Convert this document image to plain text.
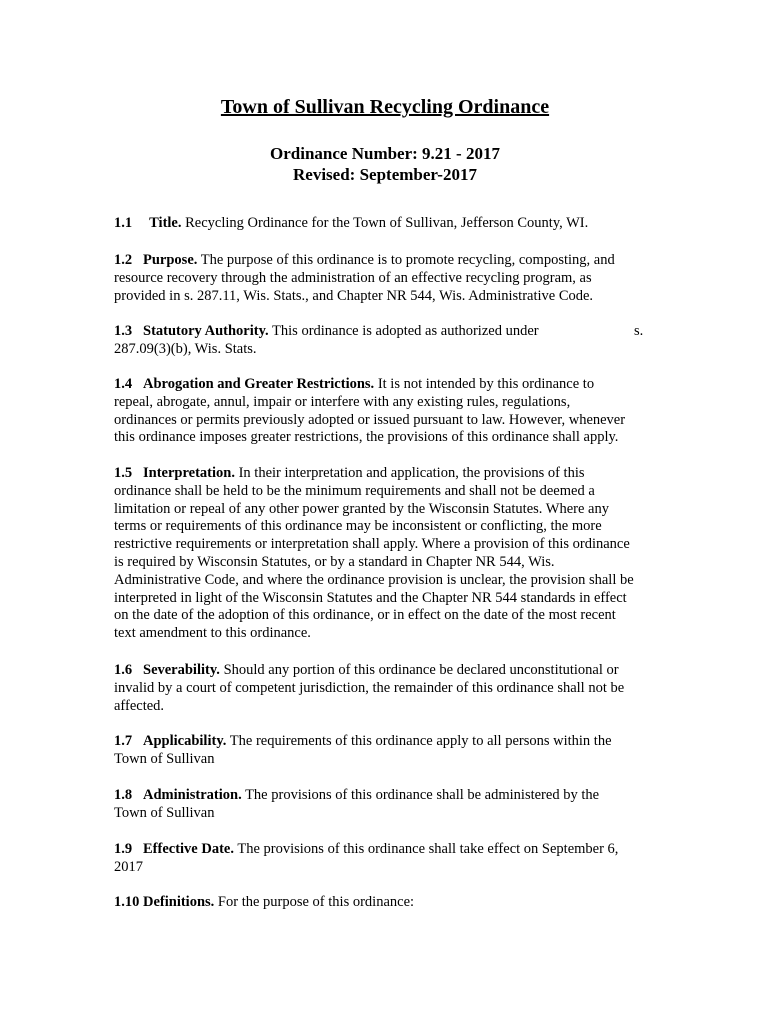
Town of Sullivan Recycling Ordinance
Ordinance Number: 9.21 - 2017
Revised: September-2017
1.1 Title. Recycling Ordinance for the Town of Sullivan, Jefferson County, WI.
1.2 Purpose. The purpose of this ordinance is to promote recycling, composting, and
resource recovery through the administration of an effective recycling program, as
provided in s. 287.11, Wis. Stats., and Chapter NR 544, Wis. Administrative Code.
1.3 Statutory Authority. This ordinance is adopted as authorized under	s.
287.09(3)(b), Wis. Stats.
1.4 Abrogation and Greater Restrictions. It is not intended by this ordinance to
repeal, abrogate, annul, impair or interfere with any existing rules, regulations,
ordinances or permits previously adopted or issued pursuant to law. However, whenever
this ordinance imposes greater restrictions, the provisions of this ordinance shall apply.
1.5 Interpretation. In their interpretation and application, the provisions of this
ordinance shall be held to be the minimum requirements and shall not be deemed a
limitation or repeal of any other power granted by the Wisconsin Statutes. Where any
terms or requirements of this ordinance may be inconsistent or conflicting, the more
restrictive requirements or interpretation shall apply. Where a provision of this ordinance
is required by Wisconsin Statutes, or by a standard in Chapter NR 544, Wis.
Administrative Code, and where the ordinance provision is unclear, the provision shall be
interpreted in light of the Wisconsin Statutes and the Chapter NR 544 standards in effect
on the date of the adoption of this ordinance, or in effect on the date of the most recent
text amendment to this ordinance.
1.6 Severability. Should any portion of this ordinance be declared unconstitutional or
invalid by a court of competent jurisdiction, the remainder of this ordinance shall not be
affected.
1.7 Applicability. The requirements of this ordinance apply to all persons within the
Town of Sullivan
1.8 Administration. The provisions of this ordinance shall be administered by the
Town of Sullivan
1.9 Effective Date. The provisions of this ordinance shall take effect on September 6,
2017
1.10 Definitions. For the purpose of this ordinance:
